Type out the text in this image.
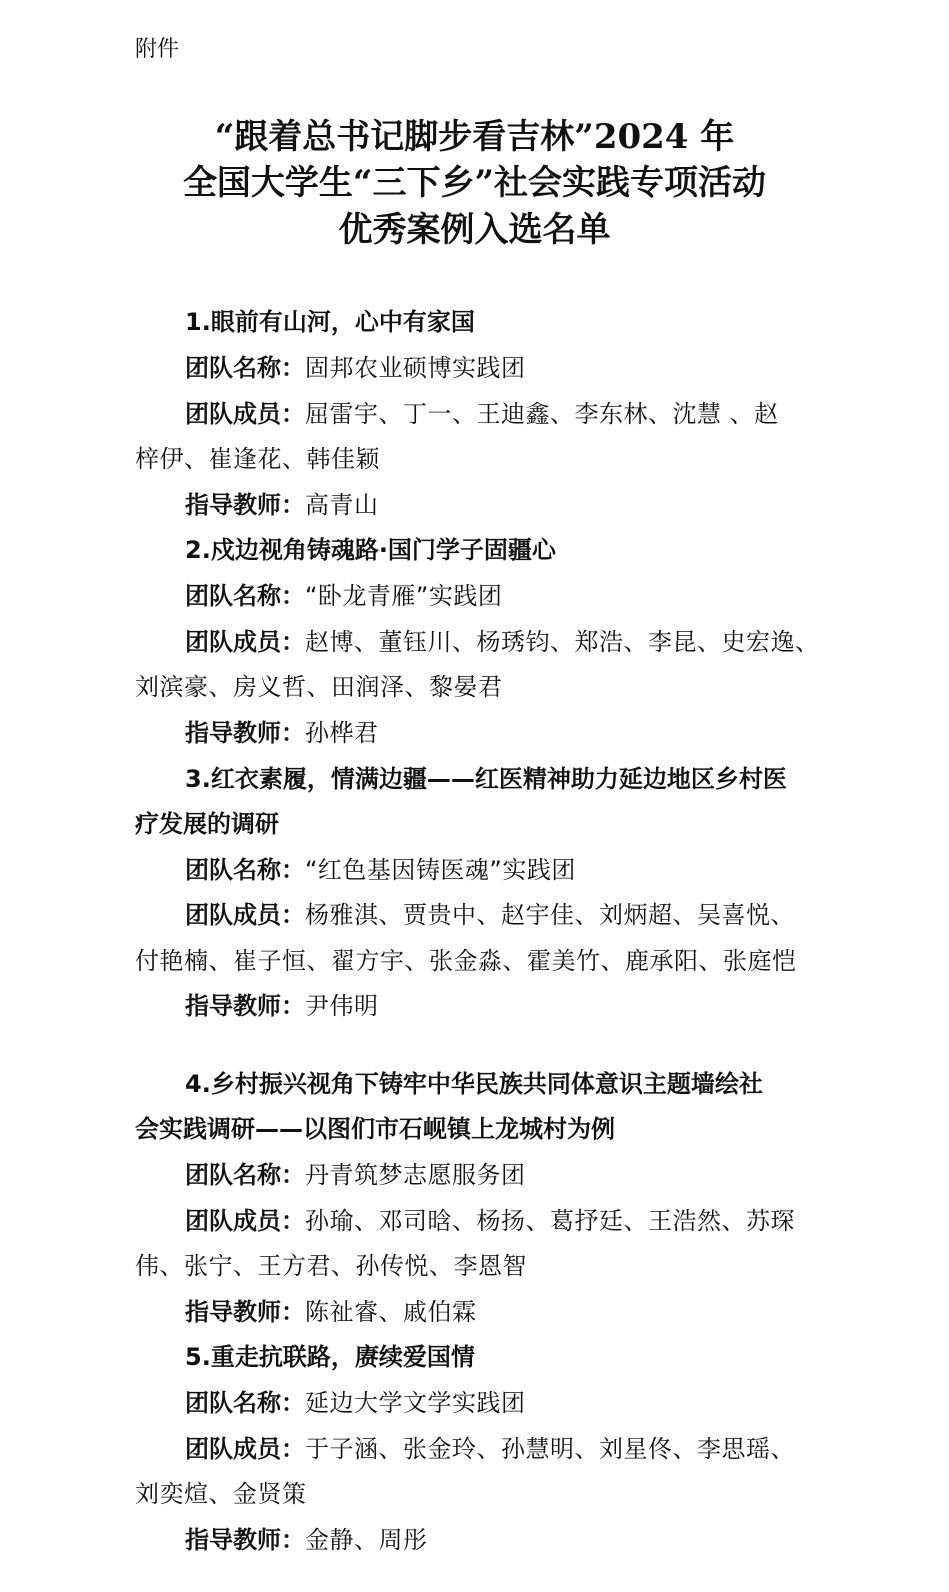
附件
“跟着总书记脚步看吉林”2024 年
全国大学生“三下乡”社会实践专项活动
优秀案例入选名单
1.眼前有山河，心中有家国
团队名称：固邦农业硕博实践团
团队成员：屈雷宇、丁一、王迪鑫、李东林、沈慧 、赵
梓伊、崔逢花、韩佳颖
指导教师：高青山
2.戍边视角铸魂路·国门学子固疆心
团队名称：“卧龙青雁”实践团
团队成员：赵博、董钰川、杨琇钧、郑浩、李昆、史宏逸、
刘滨豪、房义哲、田润泽、黎晏君
指导教师：孙桦君
3.红衣素履，情满边疆——红医精神助力延边地区乡村医
疗发展的调研
团队名称：“红色基因铸医魂”实践团
团队成员：杨雅淇、贾贵中、赵宇佳、刘炳超、吴喜悦、
付艳楠、崔子恒、翟方宇、张金淼、霍美竹、鹿承阳、张庭恺
指导教师：尹伟明
4.乡村振兴视角下铸牢中华民族共同体意识主题墙绘社
会实践调研——以图们市石岘镇上龙城村为例
团队名称：丹青筑梦志愿服务团
团队成员：孙瑜、邓司晗、杨扬、葛抒廷、王浩然、苏琛
伟、张宁、王方君、孙传悦、李恩智
指导教师：陈祉睿、戚伯霖
5.重走抗联路，赓续爱国情
团队名称：延边大学文学实践团
团队成员：于子涵、张金玲、孙慧明、刘星佟、李思瑶、
刘奕煊、金贤策
指导教师：金静、周彤
